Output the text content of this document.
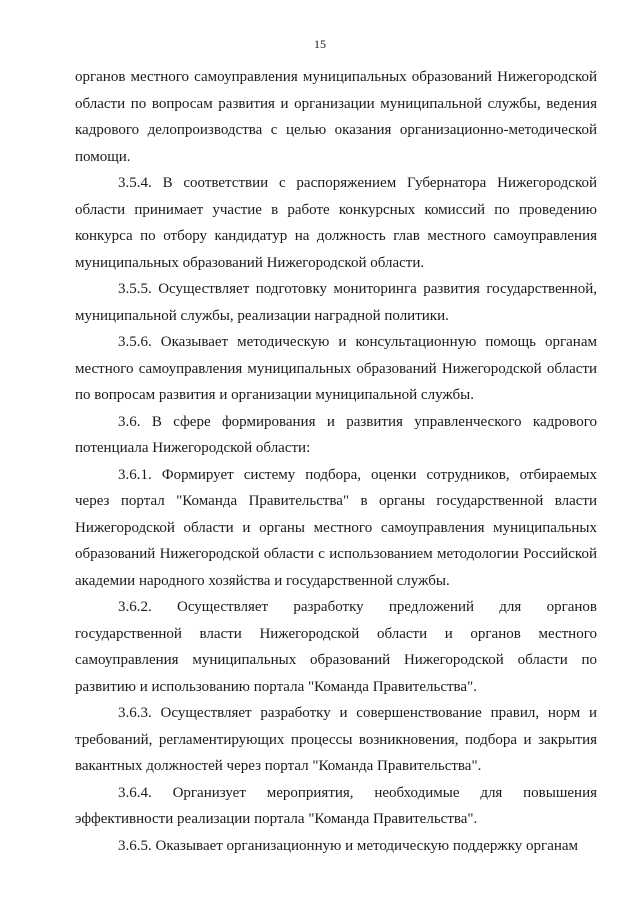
15

органов местного самоуправления муниципальных образований Нижегородской области по вопросам развития и организации муниципальной службы, ведения кадрового делопроизводства с целью оказания организационно-методической помощи.

3.5.4. В соответствии с распоряжением Губернатора Нижегородской области принимает участие в работе конкурсных комиссий по проведению конкурса по отбору кандидатур на должность глав местного самоуправления муниципальных образований Нижегородской области.

3.5.5. Осуществляет подготовку мониторинга развития государственной, муниципальной службы, реализации наградной политики.

3.5.6. Оказывает методическую и консультационную помощь органам местного самоуправления муниципальных образований Нижегородской области по вопросам развития и организации муниципальной службы.

3.6. В сфере формирования и развития управленческого кадрового потенциала Нижегородской области:

3.6.1. Формирует систему подбора, оценки сотрудников, отбираемых через портал "Команда Правительства" в органы государственной власти Нижегородской области и органы местного самоуправления муниципальных образований Нижегородской области с использованием методологии Российской академии народного хозяйства и государственной службы.

3.6.2. Осуществляет разработку предложений для органов государственной власти Нижегородской области и органов местного самоуправления муниципальных образований Нижегородской области по развитию и использованию портала "Команда Правительства".

3.6.3. Осуществляет разработку и совершенствование правил, норм и требований, регламентирующих процессы возникновения, подбора и закрытия вакантных должностей через портал "Команда Правительства".

3.6.4. Организует мероприятия, необходимые для повышения эффективности реализации портала "Команда Правительства".

3.6.5. Оказывает организационную и методическую поддержку органам
